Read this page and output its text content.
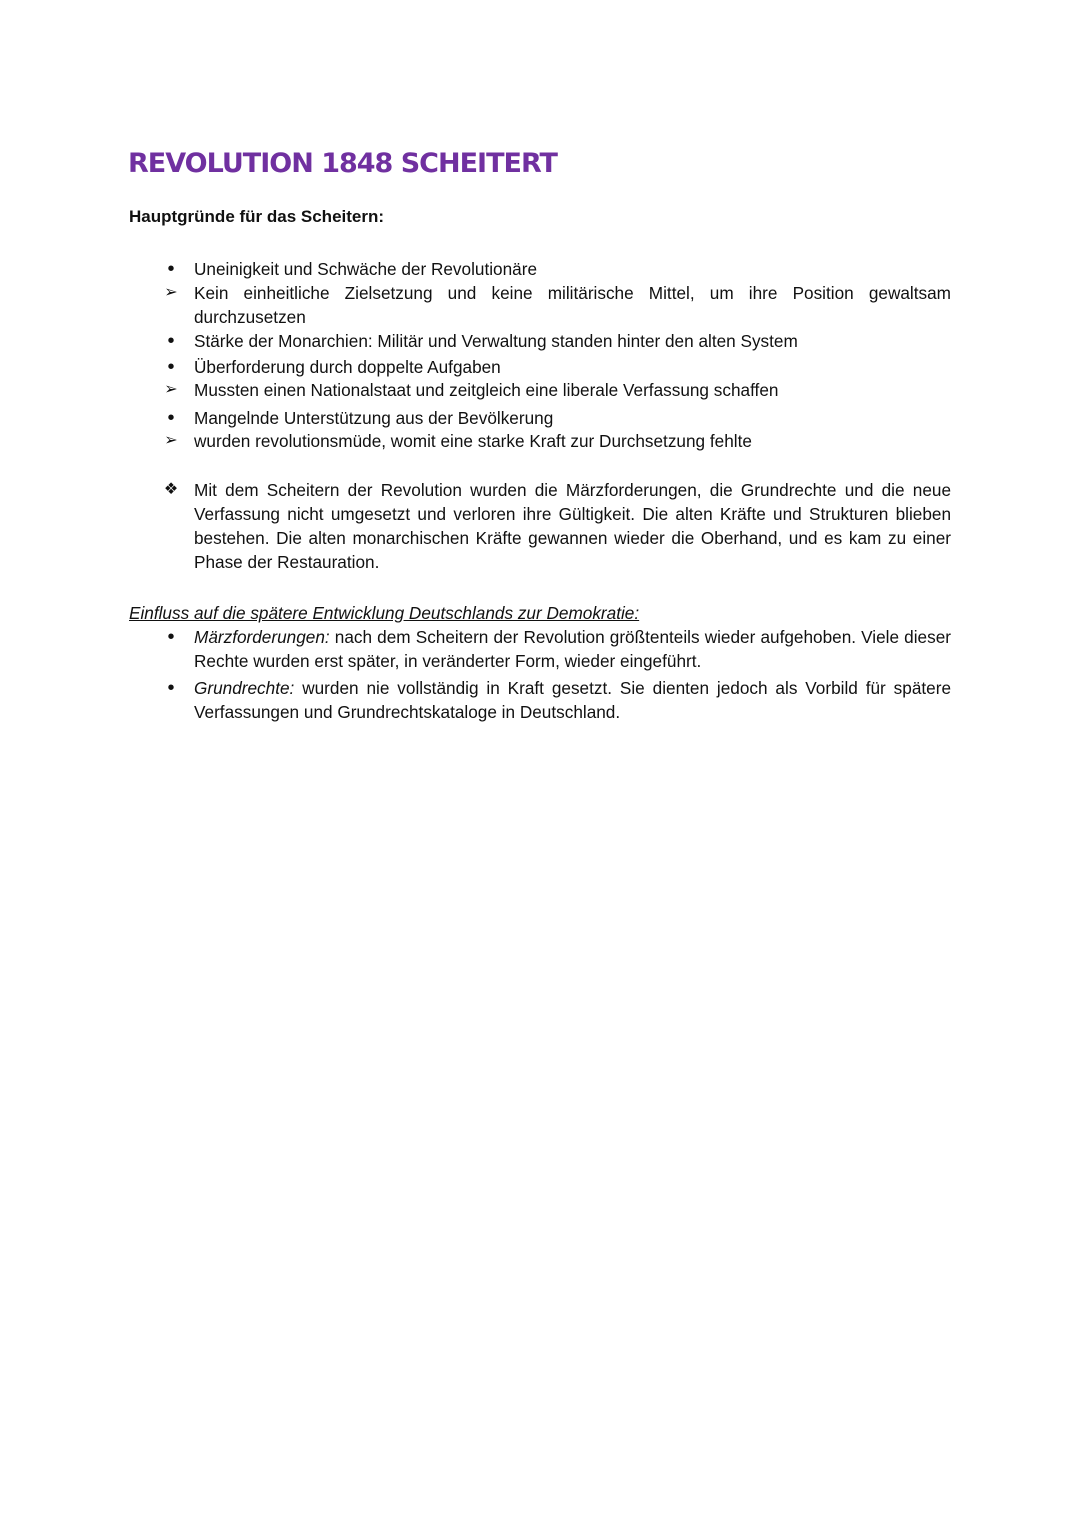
REVOLUTION 1848 SCHEITERT
Hauptgründe für das Scheitern:
•	Uneinigkeit und Schwäche der Revolutionäre
➢ Kein einheitliche Zielsetzung und keine militärische Mittel, um ihre Position gewaltsam durchzusetzen
•	Stärke der Monarchien: Militär und Verwaltung standen hinter den alten System
•	Überforderung durch doppelte Aufgaben
➢ Mussten einen Nationalstaat und zeitgleich eine liberale Verfassung schaffen
•	Mangelnde Unterstützung aus der Bevölkerung
➢ wurden revolutionsmüde, womit eine starke Kraft zur Durchsetzung fehlte
❖ Mit dem Scheitern der Revolution wurden die Märzforderungen, die Grundrechte und die neue Verfassung nicht umgesetzt und verloren ihre Gültigkeit. Die alten Kräfte und Strukturen blieben bestehen. Die alten monarchischen Kräfte gewannen wieder die Oberhand, und es kam zu einer Phase der Restauration.
Einfluss auf die spätere Entwicklung Deutschlands zur Demokratie:
•	Märzforderungen: nach dem Scheitern der Revolution größtenteils wieder aufgehoben. Viele dieser Rechte wurden erst später, in veränderter Form, wieder eingeführt.
•	Grundrechte: wurden nie vollständig in Kraft gesetzt. Sie dienten jedoch als Vorbild für spätere Verfassungen und Grundrechtskataloge in Deutschland.
